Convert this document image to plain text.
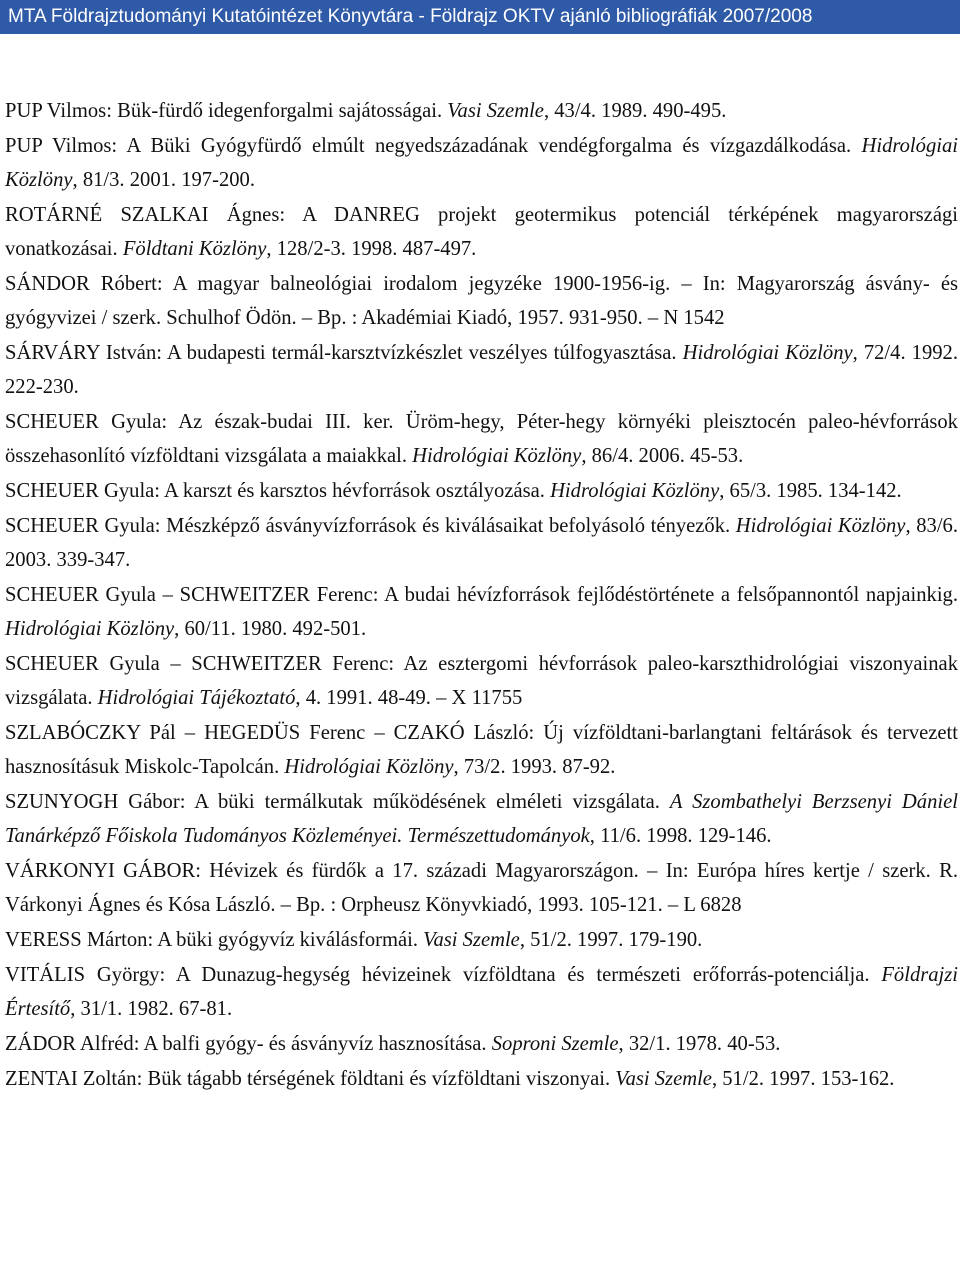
MTA Földrajztudományi Kutatóintézet Könyvtára - Földrajz OKTV ajánló bibliográfiák 2007/2008

PUP Vilmos: Bük-fürdő idegenforgalmi sajátosságai. Vasi Szemle, 43/4. 1989. 490-495.

PUP Vilmos: A Büki Gyógyfürdő elmúlt negyedszázadának vendégforgalma és vízgazdálkodása. Hidrológiai Közlöny, 81/3. 2001. 197-200.

ROTÁRNÉ SZALKAI Ágnes: A DANREG projekt geotermikus potenciál térképének magyarországi vonatkozásai. Földtani Közlöny, 128/2-3. 1998. 487-497.

SÁNDOR Róbert: A magyar balneológiai irodalom jegyzéke 1900-1956-ig. – In: Magyarország ásvány- és gyógyvizei / szerk. Schulhof Ödön. – Bp. : Akadémiai Kiadó, 1957. 931-950. – N 1542

SÁRVÁRY István: A budapesti termál-karsztvízkészlet veszélyes túlfogyasztása. Hidrológiai Közlöny, 72/4. 1992. 222-230.

SCHEUER Gyula: Az észak-budai III. ker. Üröm-hegy, Péter-hegy környéki pleisztocén paleo-hévforrások összehasonlító vízföldtani vizsgálata a maiakkal. Hidrológiai Közlöny, 86/4. 2006. 45-53.

SCHEUER Gyula: A karszt és karsztos hévforrások osztályozása. Hidrológiai Közlöny, 65/3. 1985. 134-142.

SCHEUER Gyula: Mészképző ásványvízforrások és kiválásaikat befolyásoló tényezők. Hidrológiai Közlöny, 83/6. 2003. 339-347.

SCHEUER Gyula – SCHWEITZER Ferenc: A budai hévízforrások fejlődéstörténete a felsőpannontól napjainkig. Hidrológiai Közlöny, 60/11. 1980. 492-501.

SCHEUER Gyula – SCHWEITZER Ferenc: Az esztergomi hévforrások paleo-karszthidrológiai viszonyainak vizsgálata. Hidrológiai Tájékoztató, 4. 1991. 48-49. – X 11755

SZLABÓCZKY Pál – HEGEDÜS Ferenc – CZAKÓ László: Új vízföldtani-barlangtani feltárások és tervezett hasznosításuk Miskolc-Tapolcán. Hidrológiai Közlöny, 73/2. 1993. 87-92.

SZUNYOGH Gábor: A büki termálkutak működésének elméleti vizsgálata. A Szombathelyi Berzsenyi Dániel Tanárképző Főiskola Tudományos Közleményei. Természettudományok, 11/6. 1998. 129-146.

VÁRKONYI GÁBOR: Hévizek és fürdők a 17. századi Magyarországon. – In: Európa híres kertje / szerk. R. Várkonyi Ágnes és Kósa László. – Bp. : Orpheusz Könyvkiadó, 1993. 105-121. – L 6828

VERESS Márton: A büki gyógyvíz kiválásformái. Vasi Szemle, 51/2. 1997. 179-190.

VITÁLIS György: A Dunazug-hegység hévizeinek vízföldtana és természeti erőforrás-potenciálja. Földrajzi Értesítő, 31/1. 1982. 67-81.

ZÁDOR Alfréd: A balfi gyógy- és ásványvíz hasznosítása. Soproni Szemle, 32/1. 1978. 40-53.

ZENTAI Zoltán: Bük tágabb térségének földtani és vízföldtani viszonyai. Vasi Szemle, 51/2. 1997. 153-162.
